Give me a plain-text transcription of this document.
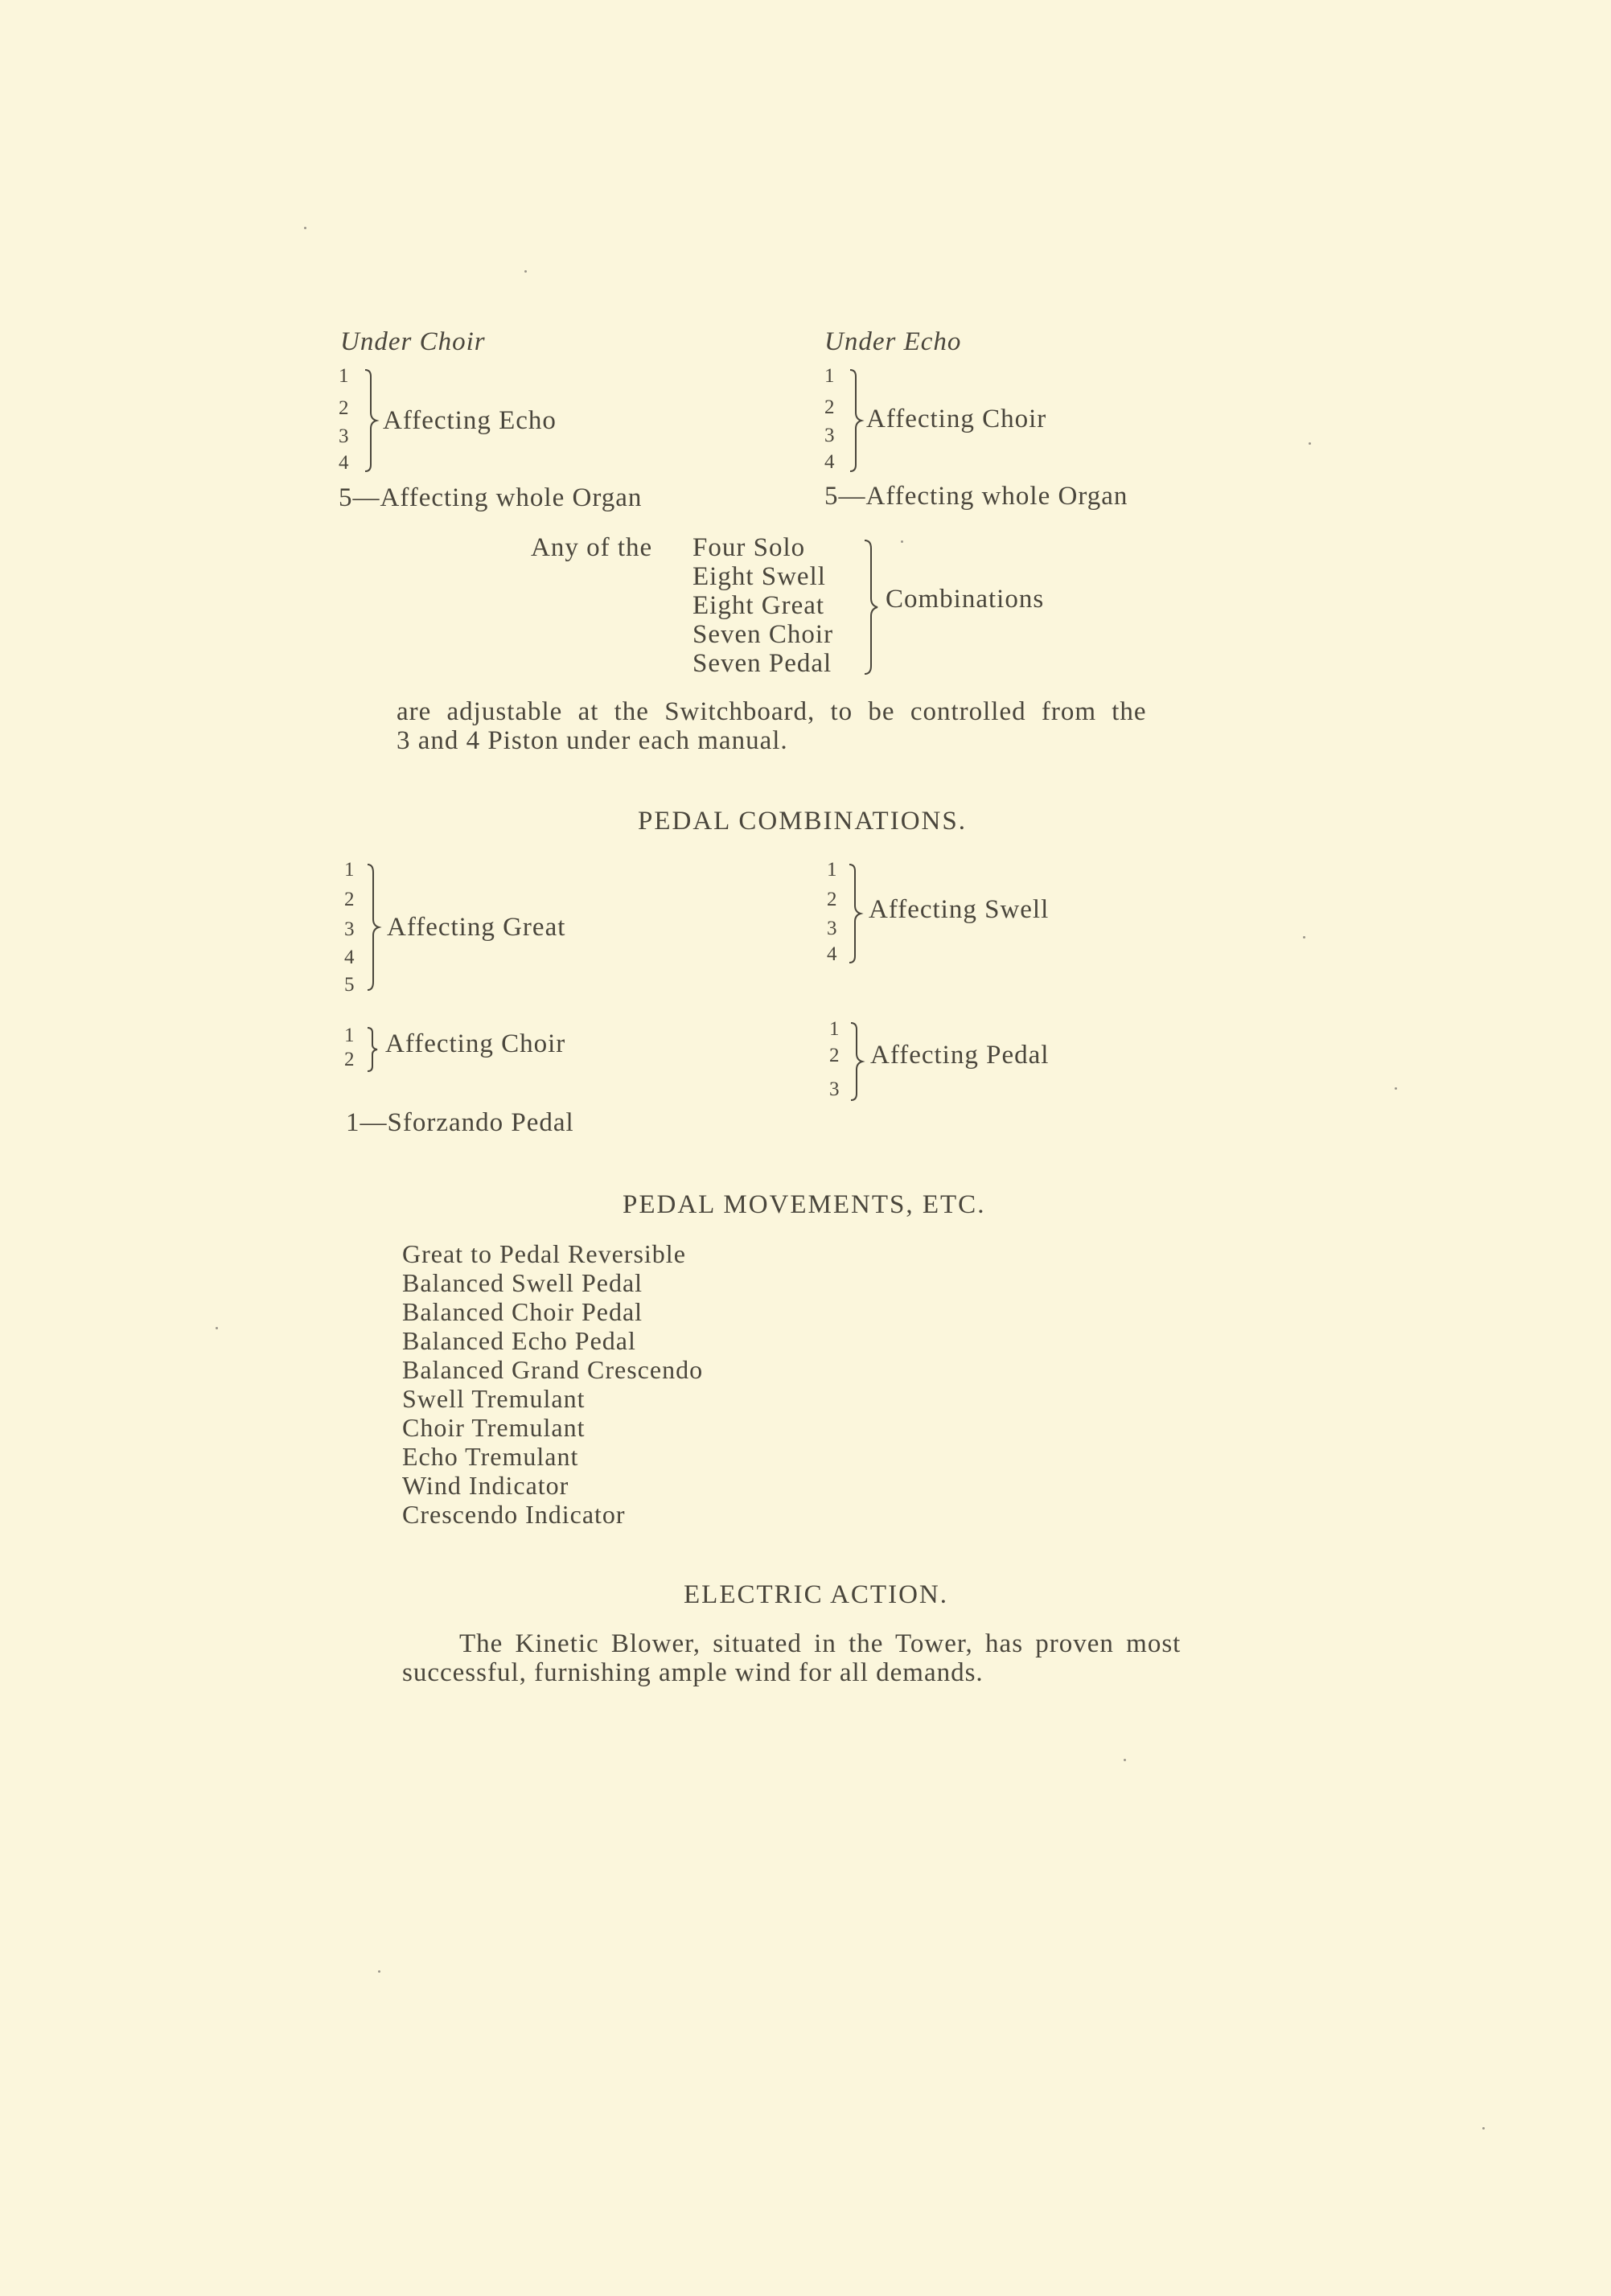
Under Choir
1
2
3
4
Affecting Echo
5—Affecting whole Organ
Under Echo
1
2
3
4
Affecting Choir
5—Affecting whole Organ
Any of the Four Solo
Eight Swell
Eight Great
Seven Choir
Seven Pedal
Combinations
are adjustable at the Switchboard, to be controlled from the
3 and 4 Piston under each manual.
PEDAL COMBINATIONS.
1
2
3
4
5
Affecting Great
1
2
3
4
Affecting Swell
1
2
Affecting Choir
1
2
3
Affecting Pedal
1—Sforzando Pedal
PEDAL MOVEMENTS, ETC.
Great to Pedal Reversible
Balanced Swell Pedal
Balanced Choir Pedal
Balanced Echo Pedal
Balanced Grand Crescendo
Swell Tremulant
Choir Tremulant
Echo Tremulant
Wind Indicator
Crescendo Indicator
ELECTRIC ACTION.
The Kinetic Blower, situated in the Tower, has proven most
successful, furnishing ample wind for all demands.
